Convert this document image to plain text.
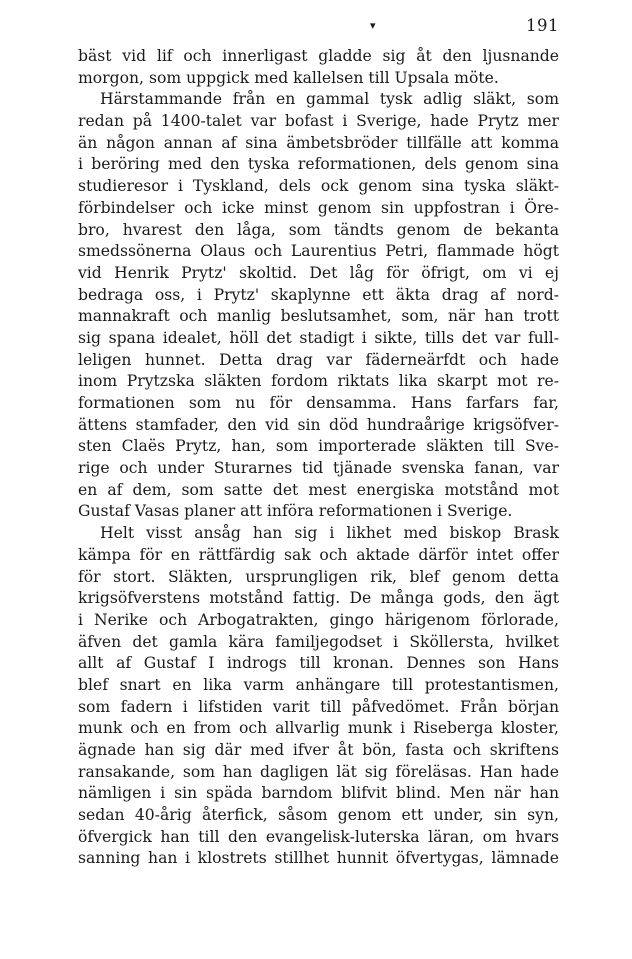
▾	191
bäst vid lif och innerligast gladde sig åt den ljusnande
morgon, som uppgick med kallelsen till Upsala möte.
Härstammande från en gammal tysk adlig släkt, som
redan på 1400-talet var bofast i Sverige, hade Prytz mer
än någon annan af sina ämbetsbröder tillfälle att komma
i beröring med den tyska reformationen, dels genom sina
studieresor i Tyskland, dels ock genom sina tyska släkt-
förbindelser och icke minst genom sin uppfostran i Öre-
bro, hvarest den låga, som tändts genom de bekanta
smedssönerna Olaus och Laurentius Petri, flammade högt
vid Henrik Prytz' skoltid. Det låg för öfrigt, om vi ej
bedraga oss, i Prytz' skaplynne ett äkta drag af nord-
mannakraft och manlig beslutsamhet, som, när han trott
sig spana idealet, höll det stadigt i sikte, tills det var full-
leligen hunnet. Detta drag var fäderneärfdt och hade
inom Prytzska släkten fordom riktats lika skarpt mot re-
formationen som nu för densamma. Hans farfars far,
ättens stamfader, den vid sin död hundraårige krigsöfver-
sten Claës Prytz, han, som importerade släkten till Sve-
rige och under Sturarnes tid tjänade svenska fanan, var
en af dem, som satte det mest energiska motstånd mot
Gustaf Vasas planer att införa reformationen i Sverige.
Helt visst ansåg han sig i likhet med biskop Brask
kämpa för en rättfärdig sak och aktade därför intet offer
för stort. Släkten, ursprungligen rik, blef genom detta
krigsöfverstens motstånd fattig. De många gods, den ägt
i Nerike och Arbogatrakten, gingo härigenom förlorade,
äfven det gamla kära familjegodset i Sköllersta, hvilket
allt af Gustaf I indrogs till kronan. Dennes son Hans
blef snart en lika varm anhängare till protestantismen,
som fadern i lifstiden varit till påfvedömet. Från början
munk och en from och allvarlig munk i Riseberga kloster,
ägnade han sig där med ifver åt bön, fasta och skriftens
ransakande, som han dagligen lät sig föreläsas. Han hade
nämligen i sin späda barndom blifvit blind. Men när han
sedan 40-årig återfick, såsom genom ett under, sin syn,
öfvergick han till den evangelisk-luterska läran, om hvars
sanning han i klostrets stillhet hunnit öfvertygas, lämnade
